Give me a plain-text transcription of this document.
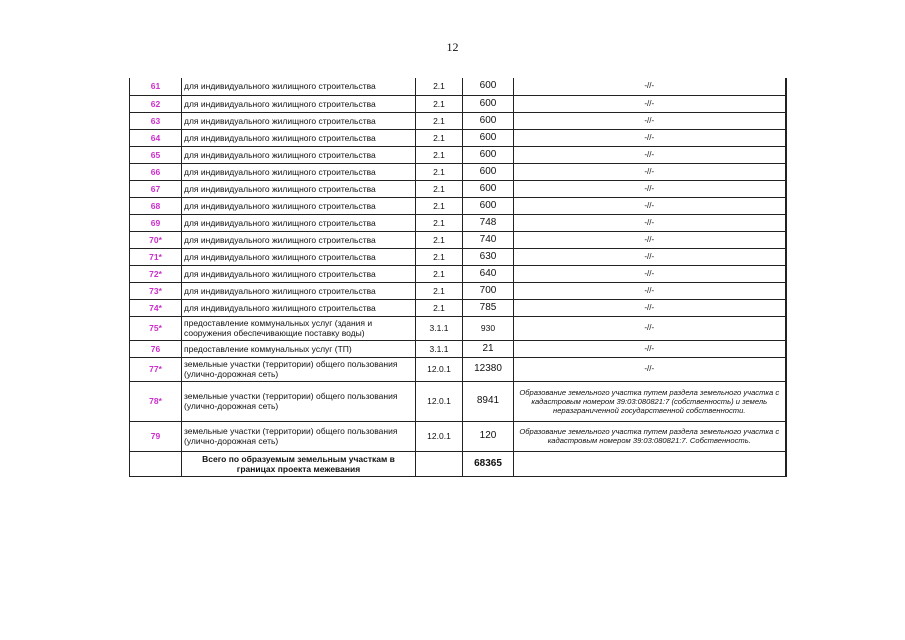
12
61	для индивидуального жилищного строительства	2.1	600	-//-
62	для индивидуального жилищного строительства	2.1	600	-//-
63	для индивидуального жилищного строительства	2.1	600	-//-
64	для индивидуального жилищного строительства	2.1	600	-//-
65	для индивидуального жилищного строительства	2.1	600	-//-
66	для индивидуального жилищного строительства	2.1	600	-//-
67	для индивидуального жилищного строительства	2.1	600	-//-
68	для индивидуального жилищного строительства	2.1	600	-//-
69	для индивидуального жилищного строительства	2.1	748	-//-
70*	для индивидуального жилищного строительства	2.1	740	-//-
71*	для индивидуального жилищного строительства	2.1	630	-//-
72*	для индивидуального жилищного строительства	2.1	640	-//-
73*	для индивидуального жилищного строительства	2.1	700	-//-
74*	для индивидуального жилищного строительства	2.1	785	-//-
75*	предоставление коммунальных услуг (здания и сооружения обеспечивающие поставку воды)	3.1.1	930	-//-
76	предоставление коммунальных услуг (ТП)	3.1.1	21	-//-
77*	земельные участки (территории) общего пользования (улично-дорожная сеть)	12.0.1	12380	-//-
78*	земельные участки (территории) общего пользования (улично-дорожная сеть)	12.0.1	8941	Образование земельного участка путем раздела земельного участка с кадастровым номером 39:03:080821:7 (собственность) и земель неразграниченной государственной собственности.
79	земельные участки (территории) общего пользования (улично-дорожная сеть)	12.0.1	120	Образование земельного участка путем раздела земельного участка с кадастровым номером 39:03:080821:7. Собственность.
	Всего по образуемым земельным участкам в границах проекта межевания		68365	
